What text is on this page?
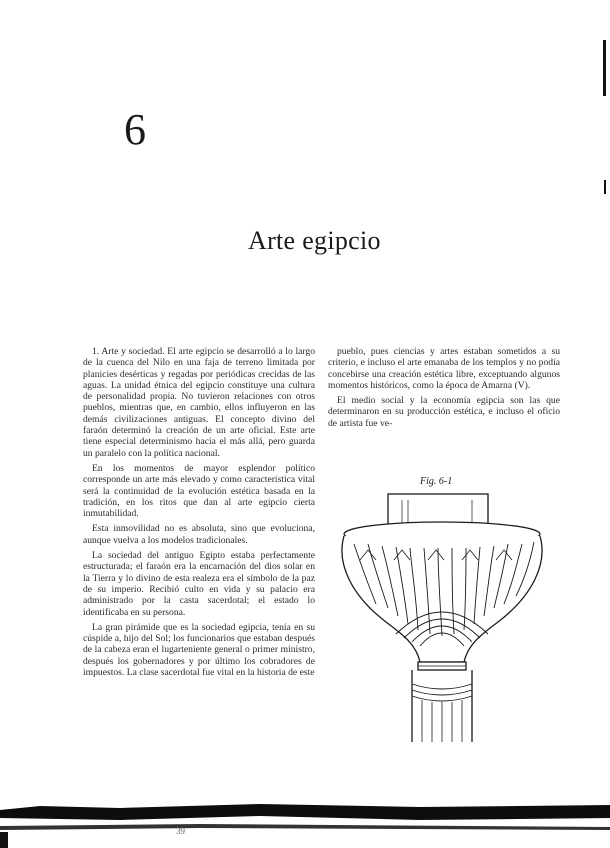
6
Arte egipcio

1. Arte y sociedad. El arte egipcio se desarrolló a lo largo de la cuenca del Nilo en una faja de terreno limitada por planicies desérticas y regadas por periódicas crecidas de las aguas. La unidad étnica del egipcio constituye una cultura de personalidad propia. No tuvieron relaciones con otros pueblos, mientras que, en cambio, ellos influyeron en las demás civilizaciones antiguas. El concepto divino del faraón determinó la creación de un arte oficial. Este arte tiene especial determinismo hacia el más allá, pero guarda un paralelo con la política nacional.

En los momentos de mayor esplendor político corresponde un arte más elevado y como característica vital será la continuidad de la evolución estética basada en la tradición, en los ritos que dan al arte egipcio cierta inmutabilidad.

Esta inmovilidad no es absoluta, sino que evoluciona, aunque vuelva a los modelos tradicionales.

La sociedad del antiguo Egipto estaba perfectamente estructurada; el faraón era la encarnación del dios solar en la Tierra y lo divino de esta realeza era el símbolo de la paz de su imperio. Recibió culto en vida y su palacio era administrado por la casta sacerdotal; el estado lo identificaba en su persona.

La gran pirámide que es la sociedad egipcia, tenía en su cúspide a, hijo del Sol; los funcionarios que estaban después de la cabeza eran el lugarteniente general o primer ministro, después los gobernadores y por último los cobradores de impuestos. La clase sacerdotal fue vital en la historia de este

pueblo, pues ciencias y artes estaban sometidos a su criterio, e incluso el arte emanaba de los templos y no podía concebirse una creación estética libre, exceptuando algunos momentos históricos, como la época de Amarna (V).

El medio social y la economía egipcia son las que determinaron en su producción estética, e incluso el oficio de artista fue ve-

Fig. 6-1
39
